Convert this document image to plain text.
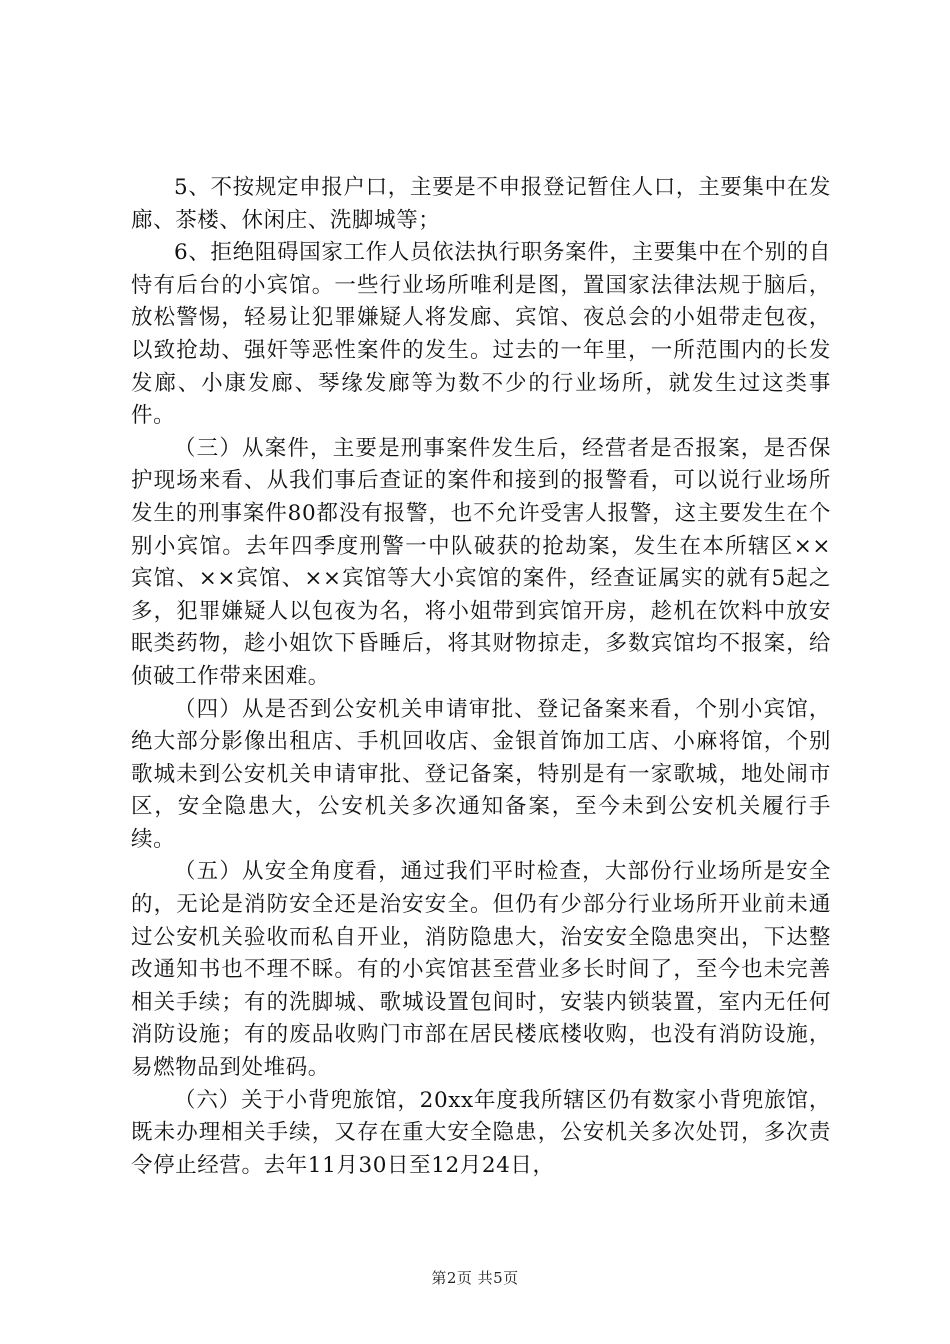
5、不按规定申报户口，主要是不申报登记暂住人口，主要集中在发廊、茶楼、休闲庄、洗脚城等；

6、拒绝阻碍国家工作人员依法执行职务案件，主要集中在个别的自恃有后台的小宾馆。一些行业场所唯利是图，置国家法律法规于脑后，放松警惕，轻易让犯罪嫌疑人将发廊、宾馆、夜总会的小姐带走包夜，以致抢劫、强奸等恶性案件的发生。过去的一年里，一所范围内的长发发廊、小康发廊、琴缘发廊等为数不少的行业场所，就发生过这类事件。

（三）从案件，主要是刑事案件发生后，经营者是否报案，是否保护现场来看、从我们事后查证的案件和接到的报警看，可以说行业场所发生的刑事案件80都没有报警，也不允许受害人报警，这主要发生在个别小宾馆。去年四季度刑警一中队破获的抢劫案，发生在本所辖区××宾馆、××宾馆、××宾馆等大小宾馆的案件，经查证属实的就有5起之多，犯罪嫌疑人以包夜为名，将小姐带到宾馆开房，趁机在饮料中放安眠类药物，趁小姐饮下昏睡后，将其财物掠走，多数宾馆均不报案，给侦破工作带来困难。

（四）从是否到公安机关申请审批、登记备案来看，个别小宾馆，绝大部分影像出租店、手机回收店、金银首饰加工店、小麻将馆，个别歌城未到公安机关申请审批、登记备案，特别是有一家歌城，地处闹市区，安全隐患大，公安机关多次通知备案，至今未到公安机关履行手续。

（五）从安全角度看，通过我们平时检查，大部份行业场所是安全的，无论是消防安全还是治安安全。但仍有少部分行业场所开业前未通过公安机关验收而私自开业，消防隐患大，治安安全隐患突出，下达整改通知书也不理不睬。有的小宾馆甚至营业多长时间了，至今也未完善相关手续；有的洗脚城、歌城设置包间时，安装内锁装置，室内无任何消防设施；有的废品收购门市部在居民楼底楼收购，也没有消防设施，易燃物品到处堆码。

（六）关于小背兜旅馆，20xx年度我所辖区仍有数家小背兜旅馆，既未办理相关手续，又存在重大安全隐患，公安机关多次处罚，多次责令停止经营。去年11月30日至12月24日，

第2页 共5页
